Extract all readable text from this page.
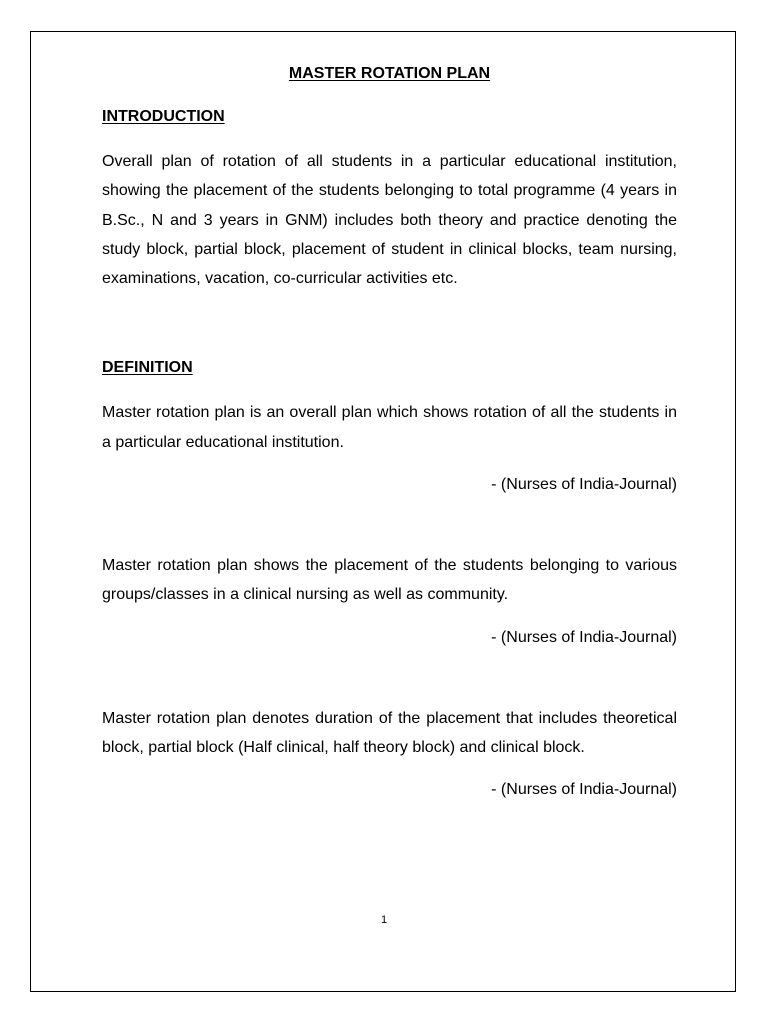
MASTER ROTATION PLAN
INTRODUCTION

Overall plan of rotation of all students in a particular educational institution, showing the placement of the students belonging to total programme (4 years in B.Sc., N and 3 years in GNM) includes both theory and practice denoting the study block, partial block, placement of student in clinical blocks, team nursing, examinations, vacation, co-curricular activities etc.

DEFINITION

Master rotation plan is an overall plan which shows rotation of all the students in a particular educational institution.

- (Nurses of India-Journal)

Master rotation plan shows the placement of the students belonging to various groups/classes in a clinical nursing as well as community.

- (Nurses of India-Journal)

Master rotation plan denotes duration of the placement that includes theoretical block, partial block (Half clinical, half theory block) and clinical block.

- (Nurses of India-Journal)
1
